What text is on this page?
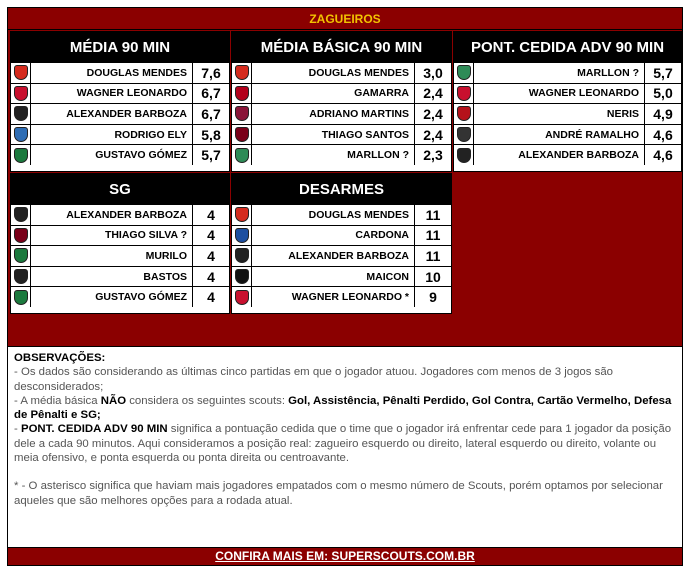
ZAGUEIROS
MÉDIA 90 MIN
DOUGLAS MENDES	7,6
WAGNER LEONARDO	6,7
ALEXANDER BARBOZA	6,7
RODRIGO ELY	5,8
GUSTAVO GÓMEZ	5,7
MÉDIA BÁSICA 90 MIN
DOUGLAS MENDES	3,0
GAMARRA	2,4
ADRIANO MARTINS	2,4
THIAGO SANTOS	2,4
MARLLON ?	2,3
PONT. CEDIDA ADV 90 MIN
MARLLON ?	5,7
WAGNER LEONARDO	5,0
NERIS	4,9
ANDRÉ RAMALHO	4,6
ALEXANDER BARBOZA	4,6
SG
ALEXANDER BARBOZA	4
THIAGO SILVA ?	4
MURILO	4
BASTOS	4
GUSTAVO GÓMEZ	4
DESARMES
DOUGLAS MENDES	11
CARDONA	11
ALEXANDER BARBOZA	11
MAICON	10
WAGNER LEONARDO *	9
OBSERVAÇÕES:
- Os dados são considerando as últimas cinco partidas em que o jogador atuou. Jogadores com menos de 3 jogos são desconsiderados;
- A média básica NÃO considera os seguintes scouts: Gol, Assistência, Pênalti Perdido, Gol Contra, Cartão Vermelho, Defesa de Pênalti e SG;
- PONT. CEDIDA ADV 90 MIN significa a pontuação cedida que o time que o jogador irá enfrentar cede para 1 jogador da posição dele a cada 90 minutos. Aqui consideramos a posição real: zagueiro esquerdo ou direito, lateral esquerdo ou direito, volante ou meia ofensivo, e ponta esquerda ou ponta direita ou centroavante.
* - O asterisco significa que haviam mais jogadores empatados com o mesmo número de Scouts, porém optamos por selecionar aqueles que são melhores opções para a rodada atual.
CONFIRA MAIS EM: SUPERSCOUTS.COM.BR
